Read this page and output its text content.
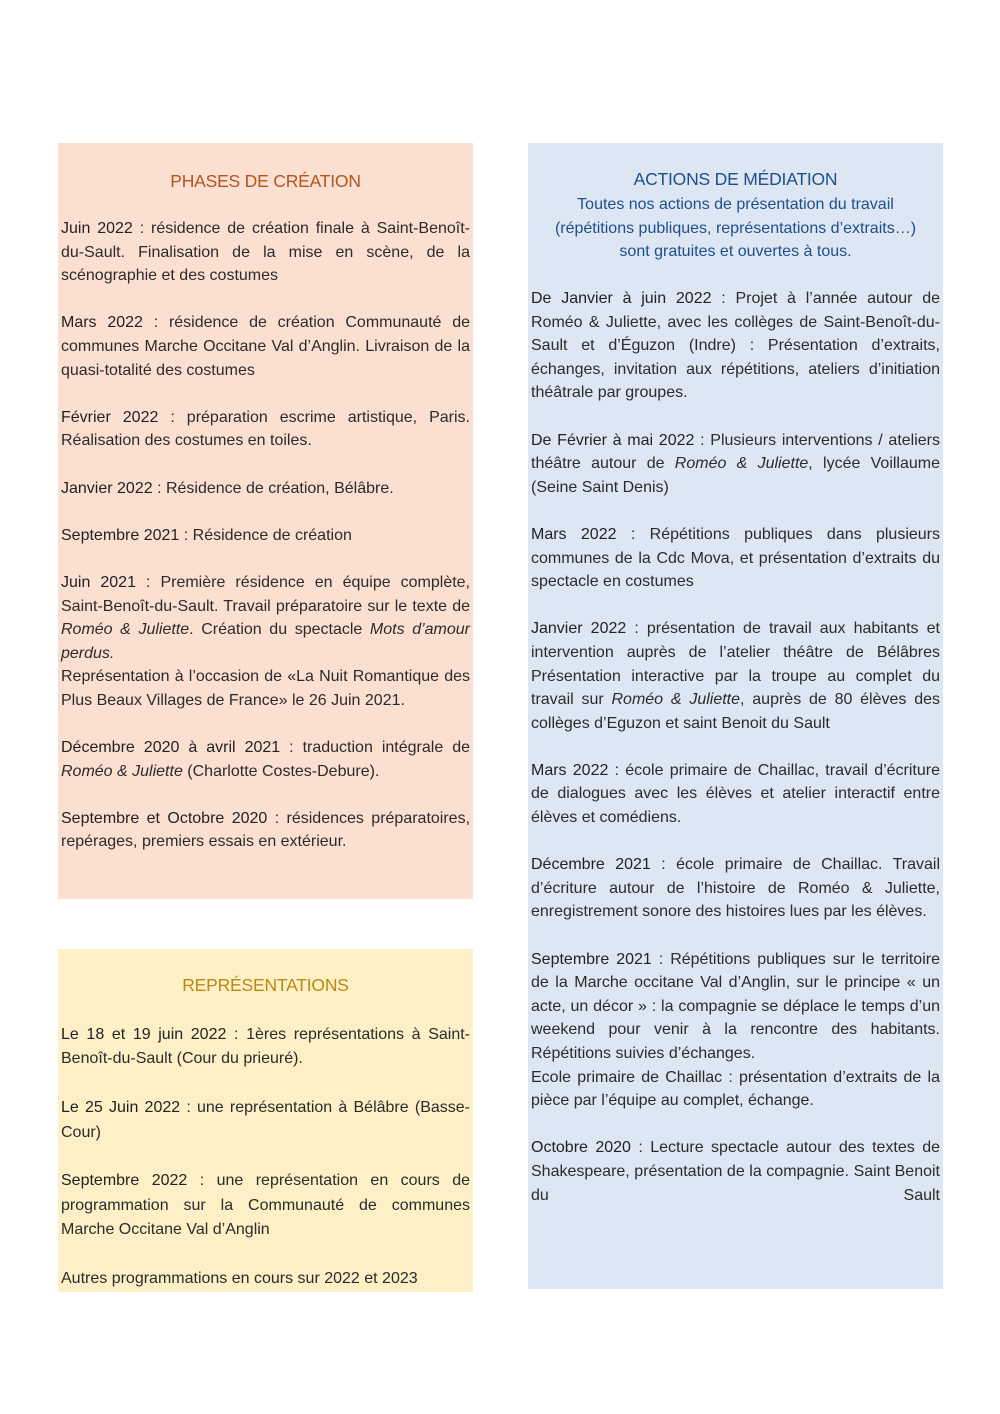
PHASES DE CRÉATION

Juin 2022 : résidence de création finale à Saint-Benoît-du-Sault. Finalisation de la mise en scène, de la scénographie et des costumes

Mars 2022 : résidence de création Communauté de communes Marche Occitane Val d’Anglin. Livraison de la quasi-totalité des costumes

Février 2022 : préparation escrime artistique, Paris. Réalisation des costumes en toiles.

Janvier 2022 : Résidence de création, Bélâbre.

Septembre 2021 : Résidence de création

Juin 2021 : Première résidence en équipe complète, Saint-Benoît-du-Sault. Travail préparatoire sur le texte de Roméo & Juliette. Création du spectacle Mots d’amour perdus.

Représentation à l’occasion de «La Nuit Romantique des Plus Beaux Villages de France» le 26 Juin 2021.

Décembre 2020 à avril 2021 : traduction intégrale de Roméo & Juliette (Charlotte Costes-Debure).

Septembre et Octobre 2020 : résidences préparatoires, repérages, premiers essais en extérieur.

REPRÉSENTATIONS

Le 18 et 19 juin 2022 : 1ères représentations à Saint-Benoît-du-Sault (Cour du prieuré).

Le 25 Juin 2022 : une représentation à Bélâbre (Basse-Cour)

Septembre 2022 : une représentation en cours de programmation sur la Communauté de communes Marche Occitane Val d’Anglin

Autres programmations en cours sur 2022 et 2023

ACTIONS DE MÉDIATION
Toutes nos actions de présentation du travail
(répétitions publiques, représentations d’extraits…)
sont gratuites et ouvertes à tous.

De Janvier à juin 2022 : Projet à l’année autour de Roméo & Juliette, avec les collèges de Saint-Benoît-du-Sault et d’Éguzon (Indre) : Présentation d’extraits, échanges, invitation aux répétitions, ateliers d’initiation théâtrale par groupes.

De Février à mai 2022 : Plusieurs interventions / ateliers théâtre autour de Roméo & Juliette, lycée Voillaume (Seine Saint Denis)

Mars 2022 : Répétitions publiques dans plusieurs communes de la Cdc Mova, et présentation d’extraits du spectacle en costumes

Janvier 2022 : présentation de travail aux habitants et intervention auprès de l’atelier théâtre de Bélâbres Présentation interactive par la troupe au complet du travail sur Roméo & Juliette, auprès de 80 élèves des collèges d’Eguzon et saint Benoit du Sault

Mars 2022 : école primaire de Chaillac, travail d’écriture de dialogues avec les élèves et atelier interactif entre élèves et comédiens.

Décembre 2021 : école primaire de Chaillac. Travail d’écriture autour de l’histoire de Roméo & Juliette, enregistrement sonore des histoires lues par les élèves.

Septembre 2021 : Répétitions publiques sur le territoire de la Marche occitane Val d’Anglin, sur le principe « un acte, un décor » : la compagnie se déplace le temps d’un weekend pour venir à la rencontre des habitants. Répétitions suivies d’échanges.

Ecole primaire de Chaillac : présentation d’extraits de la pièce par l’équipe au complet, échange.

Octobre 2020 : Lecture spectacle autour des textes de Shakespeare, présentation de la compagnie. Saint Benoit du Sault
